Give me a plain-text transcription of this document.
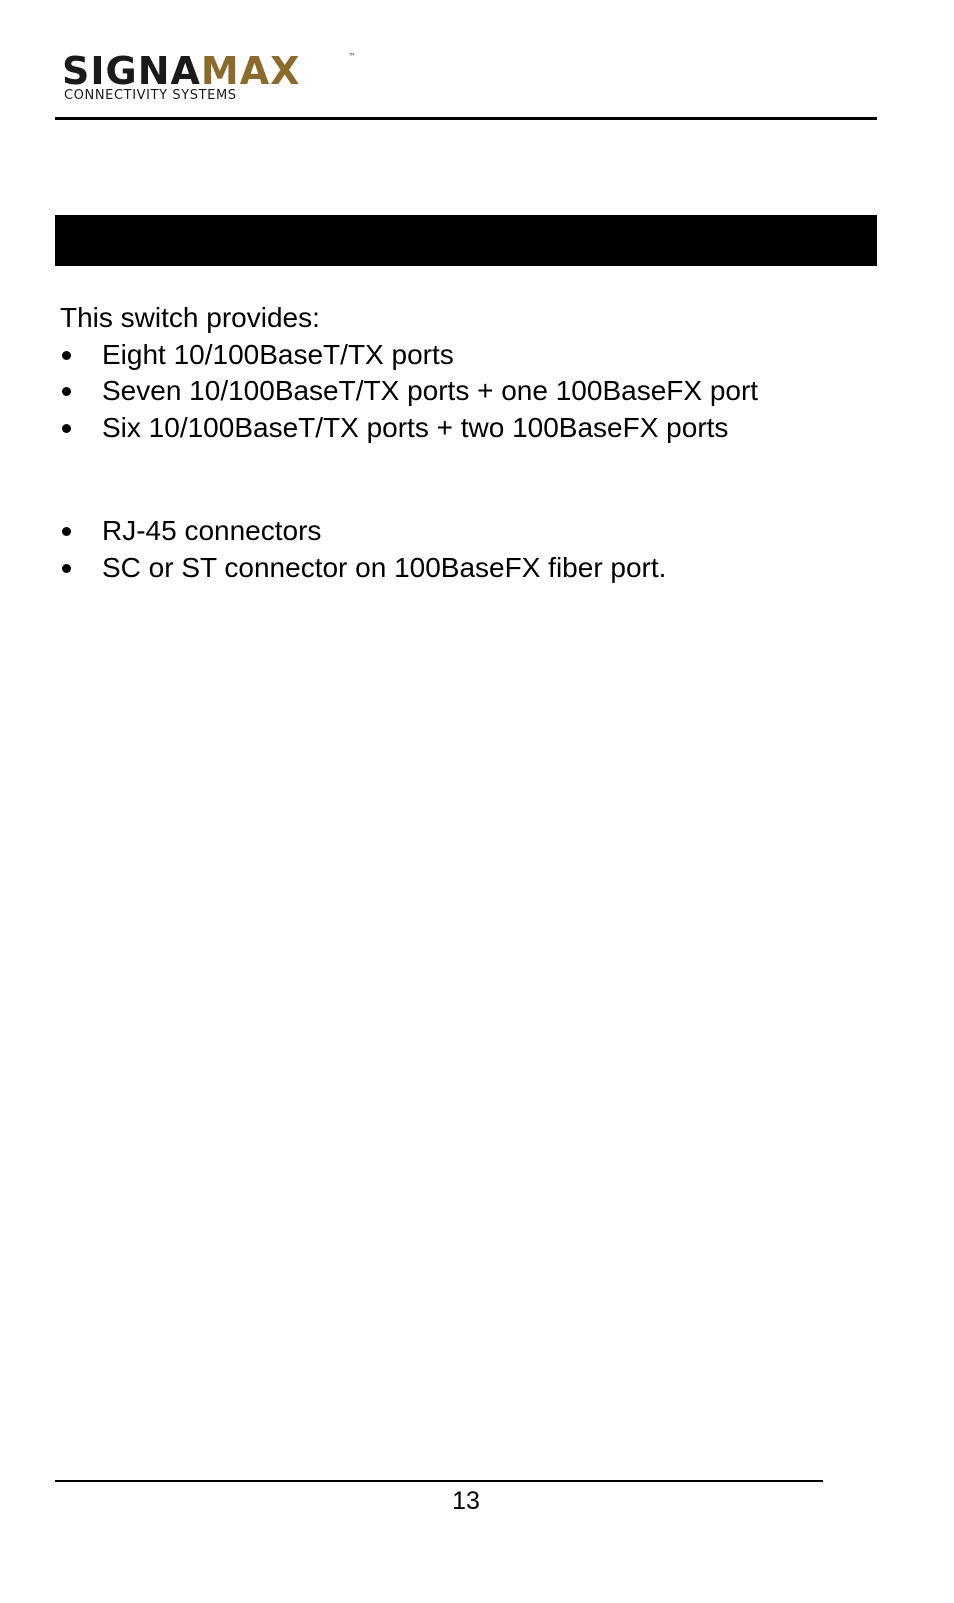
SIGNAMAX	™
CONNECTIVITY SYSTEMS

This switch provides:

Eight 10/100BaseT/TX ports
Seven 10/100BaseT/TX ports + one 100BaseFX port
Six 10/100BaseT/TX ports + two 100BaseFX ports
RJ-45 connectors
SC or ST connector on 100BaseFX fiber port.
13
